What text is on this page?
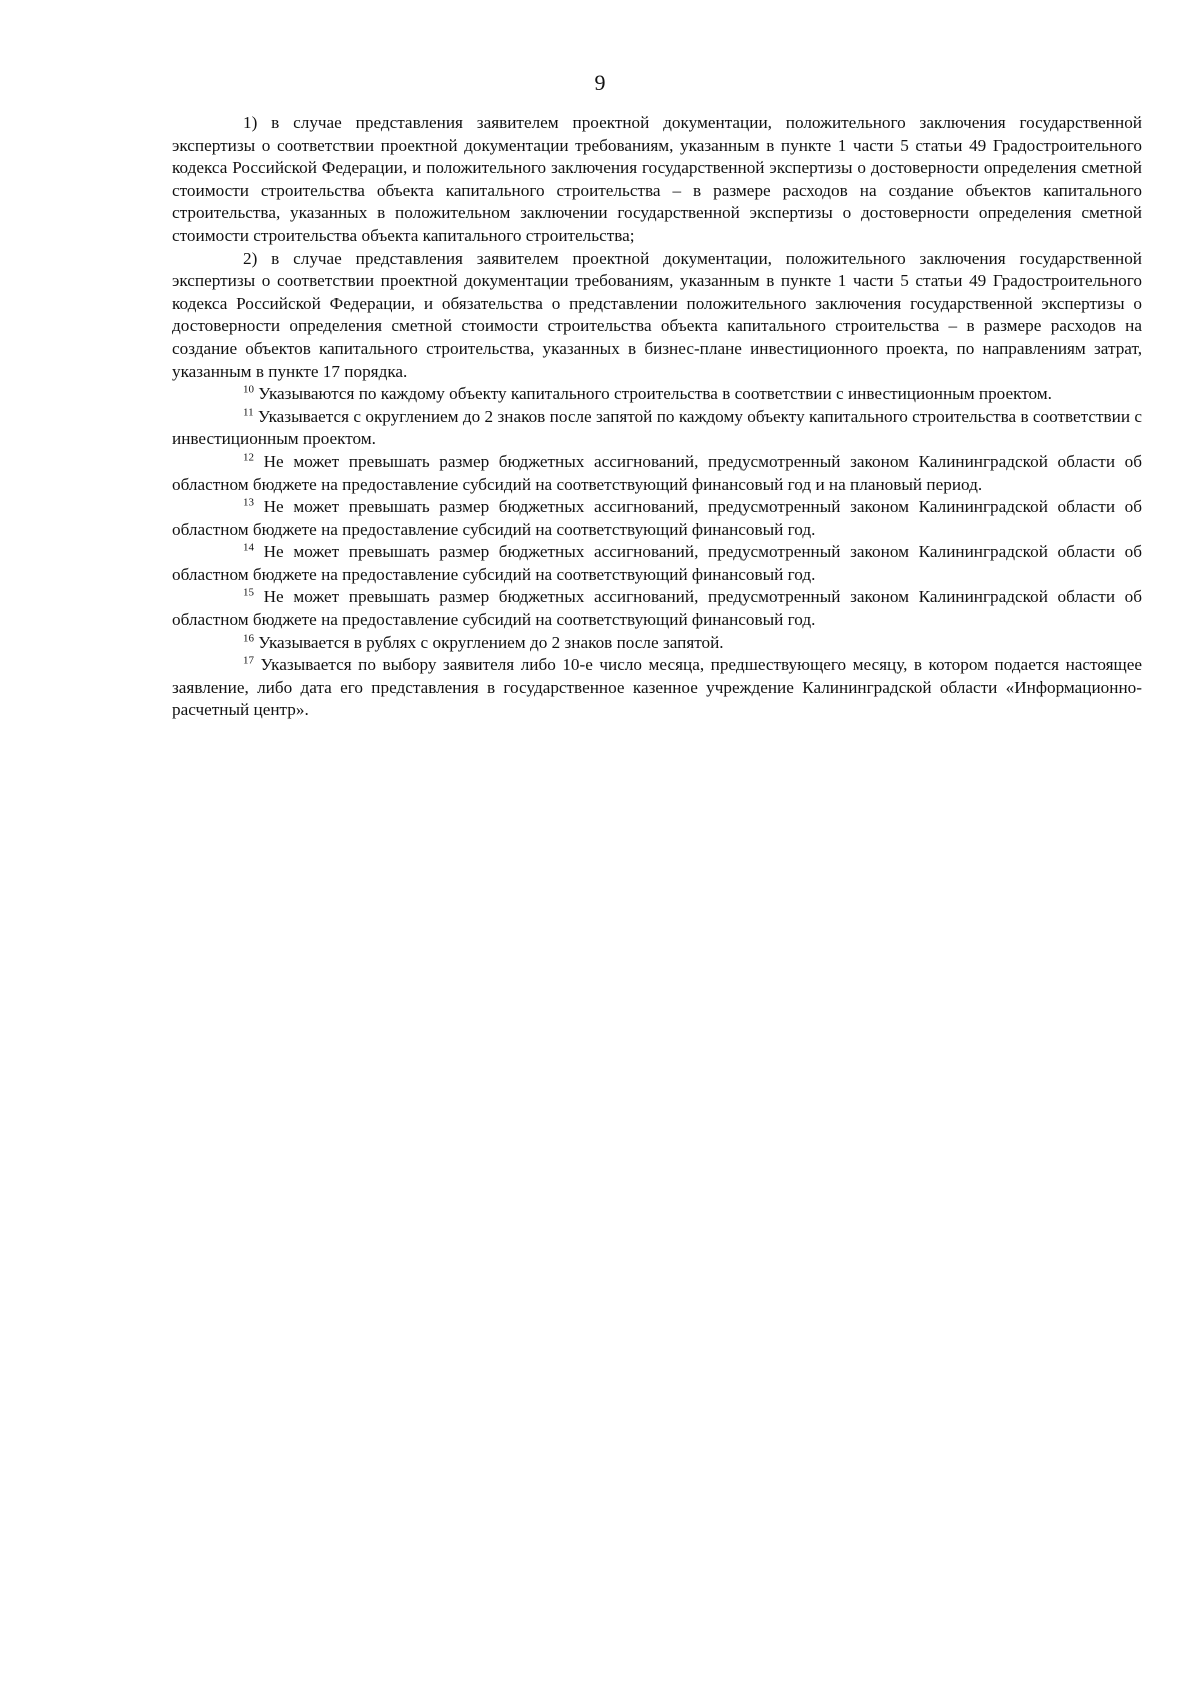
9

1) в случае представления заявителем проектной документации, положительного заключения государственной экспертизы о соответствии проектной документации требованиям, указанным в пункте 1 части 5 статьи 49 Градостроительного кодекса Российской Федерации, и положительного заключения государственной экспертизы о достоверности определения сметной стоимости строительства объекта капитального строительства – в размере расходов на создание объектов капитального строительства, указанных в положительном заключении государственной экспертизы о достоверности определения сметной стоимости строительства объекта капитального строительства;

2) в случае представления заявителем проектной документации, положительного заключения государственной экспертизы о соответствии проектной документации требованиям, указанным в пункте 1 части 5 статьи 49 Градостроительного кодекса Российской Федерации, и обязательства о представлении положительного заключения государственной экспертизы о достоверности определения сметной стоимости строительства объекта капитального строительства – в размере расходов на создание объектов капитального строительства, указанных в бизнес-плане инвестиционного проекта, по направлениям затрат, указанным в пункте 17 порядка.

$^{10}$ Указываются по каждому объекту капитального строительства в соответствии с инвестиционным проектом.

$^{11}$ Указывается с округлением до 2 знаков после запятой по каждому объекту капитального строительства в соответствии с инвестиционным проектом.

$^{12}$ Не может превышать размер бюджетных ассигнований, предусмотренный законом Калининградской области об областном бюджете на предоставление субсидий на соответствующий финансовый год и на плановый период.

$^{13}$ Не может превышать размер бюджетных ассигнований, предусмотренный законом Калининградской области об областном бюджете на предоставление субсидий на соответствующий финансовый год.

$^{14}$ Не может превышать размер бюджетных ассигнований, предусмотренный законом Калининградской области об областном бюджете на предоставление субсидий на соответствующий финансовый год.

$^{15}$ Не может превышать размер бюджетных ассигнований, предусмотренный законом Калининградской области об областном бюджете на предоставление субсидий на соответствующий финансовый год.

$^{16}$ Указывается в рублях с округлением до 2 знаков после запятой.

$^{17}$ Указывается по выбору заявителя либо 10-е число месяца, предшествующего месяцу, в котором подается настоящее заявление, либо дата его представления в государственное казенное учреждение Калининградской области «Информационно-расчетный центр».
